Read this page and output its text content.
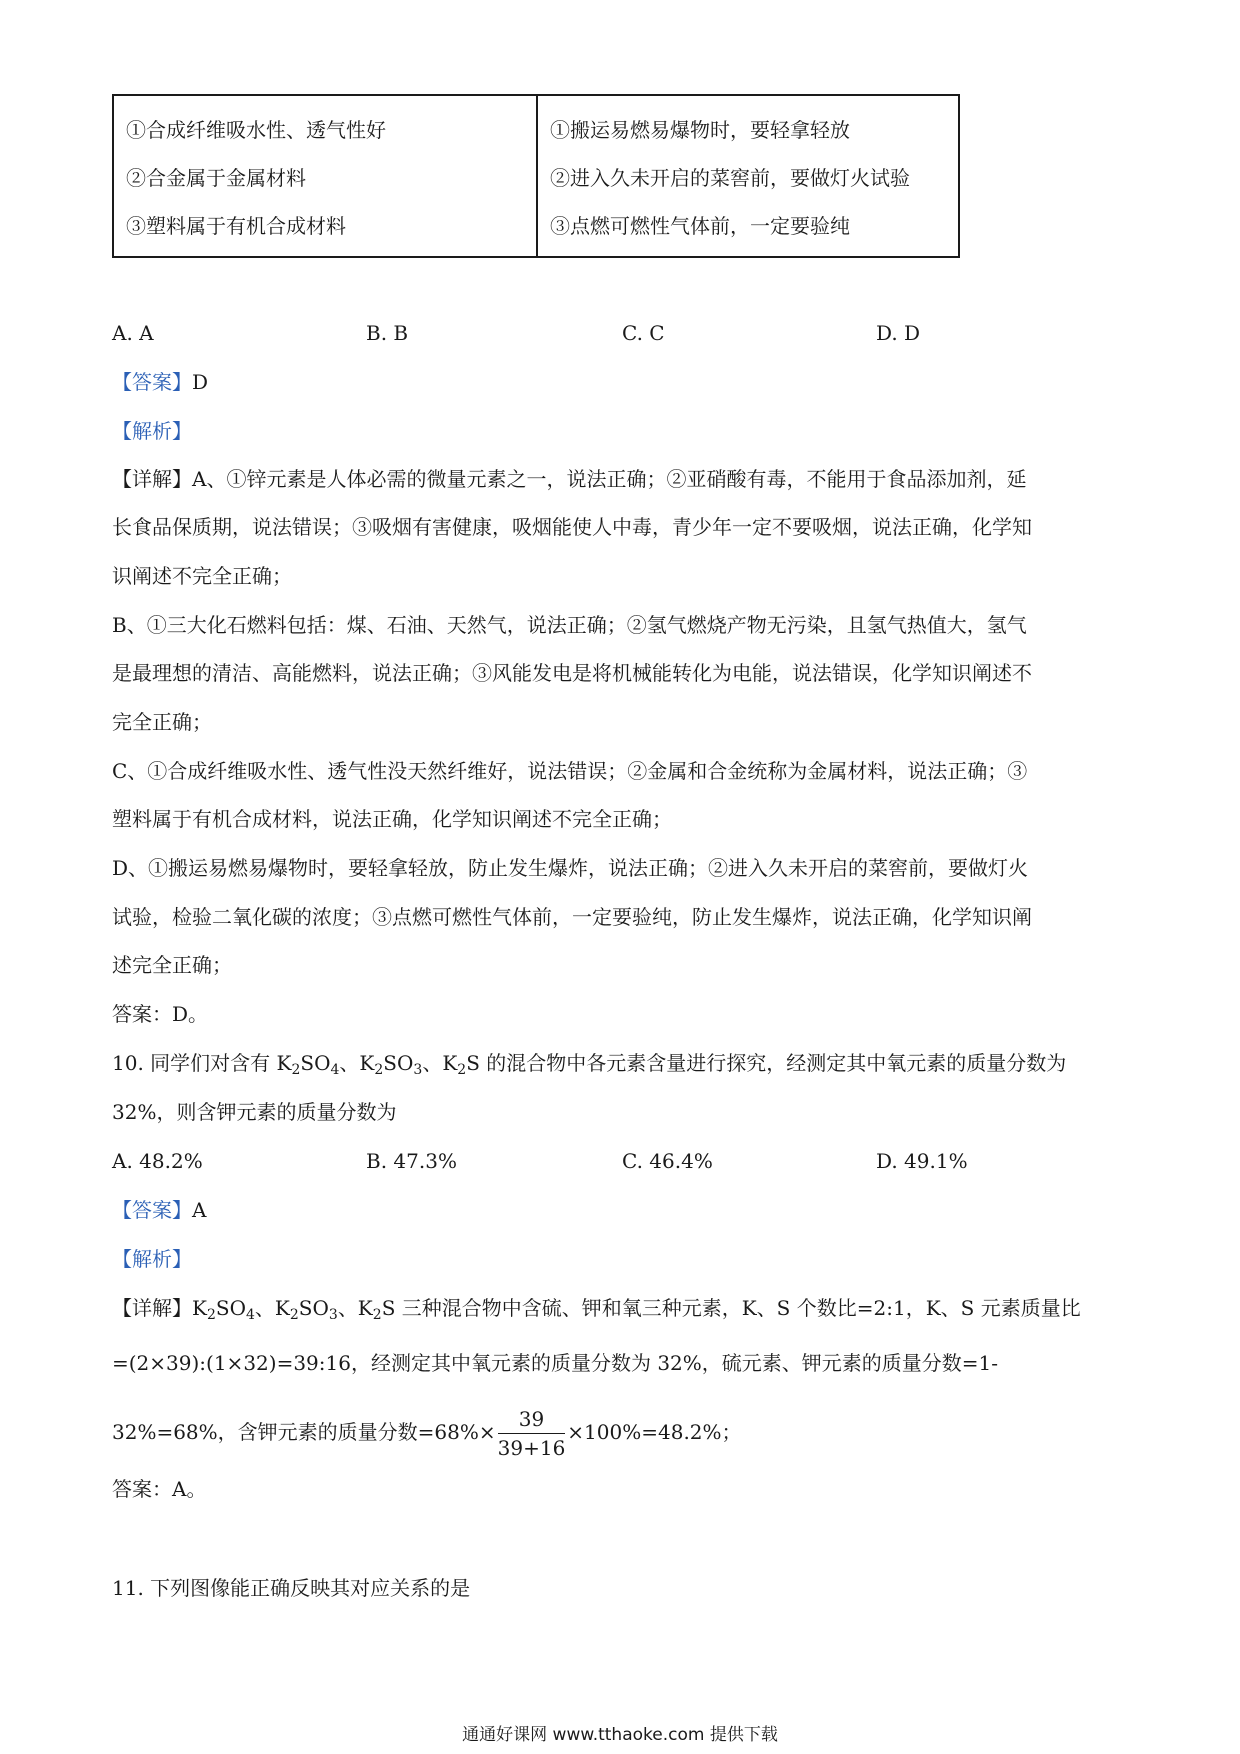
①合成纤维吸水性、透气性好
②合金属于金属材料
③塑料属于有机合成材料

①搬运易燃易爆物时，要轻拿轻放
②进入久未开启的菜窖前，要做灯火试验
③点燃可燃性气体前，一定要验纯
A. A	B. B	C. C	D. D
【答案】D
【解析】
【详解】A、①锌元素是人体必需的微量元素之一，说法正确；②亚硝酸有毒，不能用于食品添加剂，延
长食品保质期，说法错误；③吸烟有害健康，吸烟能使人中毒，青少年一定不要吸烟，说法正确，化学知
识阐述不完全正确；
B、①三大化石燃料包括：煤、石油、天然气，说法正确；②氢气燃烧产物无污染，且氢气热值大，氢气
是最理想的清洁、高能燃料，说法正确；③风能发电是将机械能转化为电能，说法错误，化学知识阐述不
完全正确；
C、①合成纤维吸水性、透气性没天然纤维好，说法错误；②金属和合金统称为金属材料，说法正确；③
塑料属于有机合成材料，说法正确，化学知识阐述不完全正确；
D、①搬运易燃易爆物时，要轻拿轻放，防止发生爆炸，说法正确；②进入久未开启的菜窖前，要做灯火
试验，检验二氧化碳的浓度；③点燃可燃性气体前，一定要验纯，防止发生爆炸，说法正确，化学知识阐
述完全正确；
答案：D。
10. 同学们对含有 $K_2SO_4$、$K_2SO_3$、$K_2S$ 的混合物中各元素含量进行探究，经测定其中氧元素的质量分数为
32%，则含钾元素的质量分数为
A. 48.2%	B. 47.3%	C. 46.4%	D. 49.1%
【答案】A
【解析】
【详解】$K_2SO_4$、$K_2SO_3$、$K_2S$ 三种混合物中含硫、钾和氧三种元素，K、S 个数比=2:1，K、S 元素质量比
=(2×39):(1×32)=39:16，经测定其中氧元素的质量分数为 32%，硫元素、钾元素的质量分数=1-
32%=68%，含钾元素的质量分数$=68\%\times \frac{39}{39+16} \times 100\%=48.2\%$；
答案：A。
11. 下列图像能正确反映其对应关系的是
通通好课网 www.tthaoke.com 提供下载
